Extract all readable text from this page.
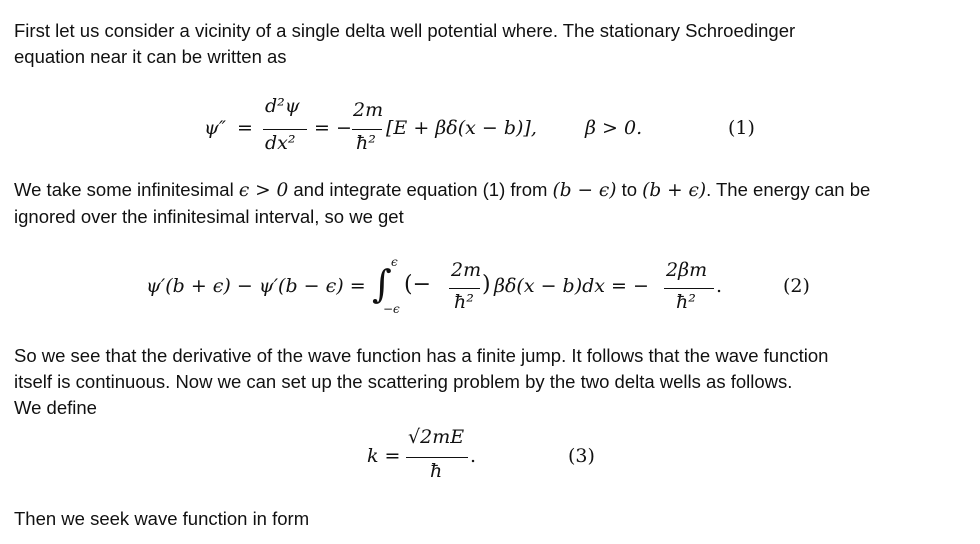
First let us consider a vicinity of a single delta well potential where. The stationary Schroedinger
equation near it can be written as

ψ″ =
d²ψ
dx²
= −
2m
ħ²
[E + βδ(x − b)],	β > 0.	(1)

We take some infinitesimal ϵ > 0 and integrate equation (1) from (b − ϵ) to (b + ϵ). The energy can be
ignored over the infinitesimal interval, so we get

ψ′(b + ϵ) − ψ′(b − ϵ) = ∫ ϵ
−ϵ
(−
2m
ħ²
) βδ(x − b)dx = −
2βm
ħ²
.	(2)

So we see that the derivative of the wave function has a finite jump. It follows that the wave function
itself is continuous. Now we can set up the scattering problem by the two delta wells as follows.
We define

k =
√2mE
ħ
.	(3)

Then we seek wave function in form
